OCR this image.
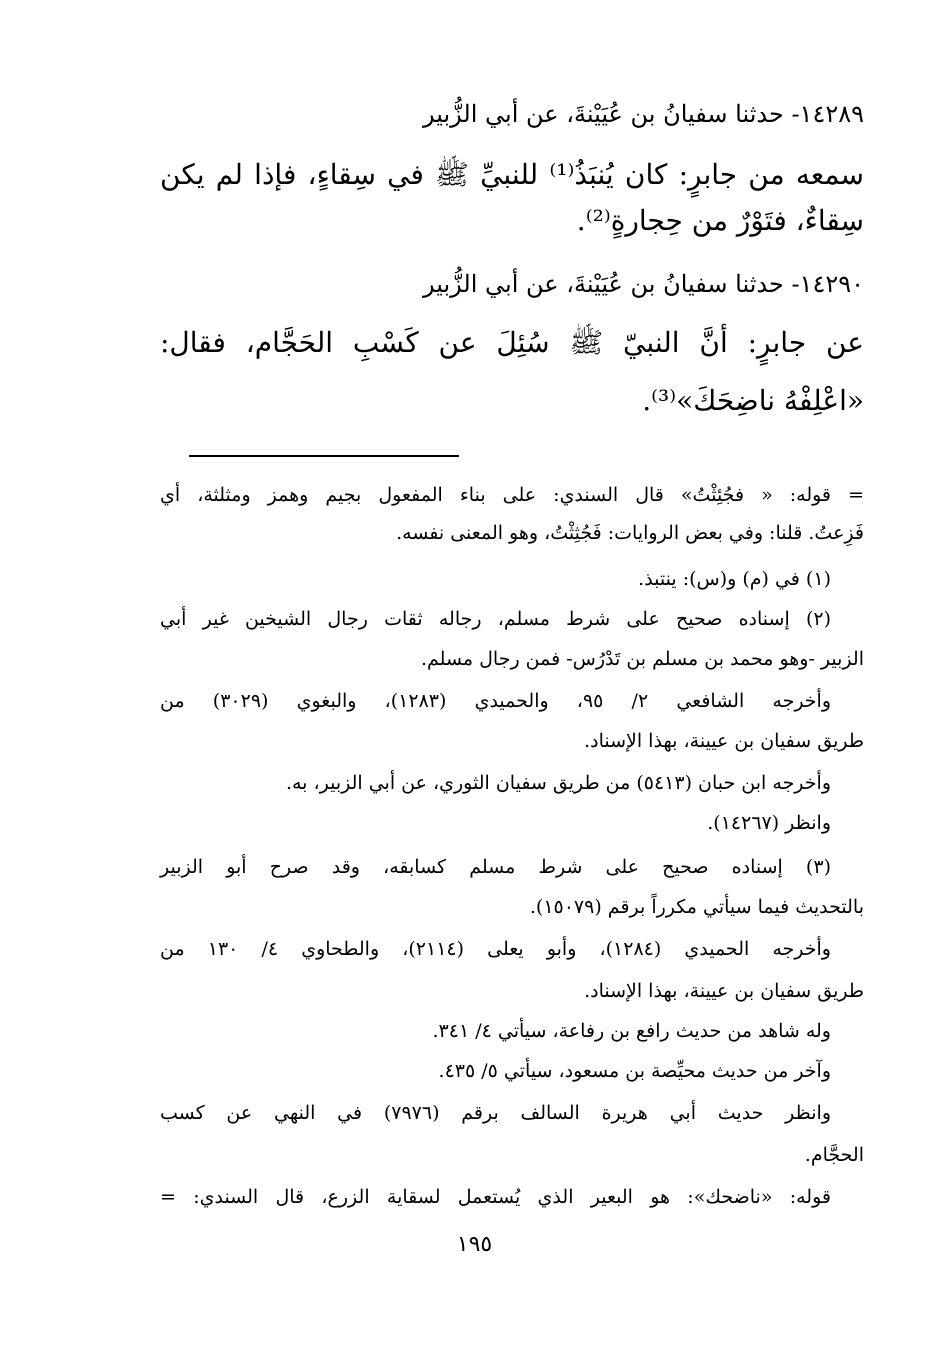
١٤٢٨٩- حدثنا سفيانُ بن عُيَيْنةَ، عن أبي الزُّبير
سمعه من جابرٍ: كان يُنبَذُ⁽¹⁾ للنبيِّ ﷺ في سِقاءٍ، فإذا لم يكن
سِقاءٌ، فتَوْرٌ من حِجارةٍ⁽²⁾.
١٤٢٩٠- حدثنا سفيانُ بن عُيَيْنةَ، عن أبي الزُّبير
عن جابرٍ: أنَّ النبيّ ﷺ سُئِلَ عن كَسْبِ الحَجَّام، فقال:
«اعْلِفْهُ ناضِحَكَ»⁽³⁾.
= قوله: « فجُئِثْتُ» قال السندي: على بناء المفعول بجيم وهمز ومثلثة، أي
فَزِعتُ. قلنا: وفي بعض الروايات: فَجُثِثْتُ، وهو المعنى نفسه.
(١) في (م) و(س): ينتبذ.
(٢) إسناده صحيح على شرط مسلم، رجاله ثقات رجال الشيخين غير أبي
الزبير -وهو محمد بن مسلم بن تَدْرُس- فمن رجال مسلم.
وأخرجه الشافعي ٢/ ٩٥، والحميدي (١٢٨٣)، والبغوي (٣٠٢٩) من
طريق سفيان بن عيينة، بهذا الإسناد.
وأخرجه ابن حبان (٥٤١٣) من طريق سفيان الثوري، عن أبي الزبير، به.
وانظر (١٤٢٦٧).
(٣) إسناده صحيح على شرط مسلم كسابقه، وقد صرح أبو الزبير
بالتحديث فيما سيأتي مكرراً برقم (١٥٠٧٩).
وأخرجه الحميدي (١٢٨٤)، وأبو يعلى (٢١١٤)، والطحاوي ٤/ ١٣٠ من
طريق سفيان بن عيينة، بهذا الإسناد.
وله شاهد من حديث رافع بن رفاعة، سيأتي ٤/ ٣٤١.
وآخر من حديث محيِّصة بن مسعود، سيأتي ٥/ ٤٣٥.
وانظر حديث أبي هريرة السالف برقم (٧٩٧٦) في النهي عن كسب
الحجَّام.
قوله: «ناضحك»: هو البعير الذي يُستعمل لسقاية الزرع، قال السندي: =
١٩٥
